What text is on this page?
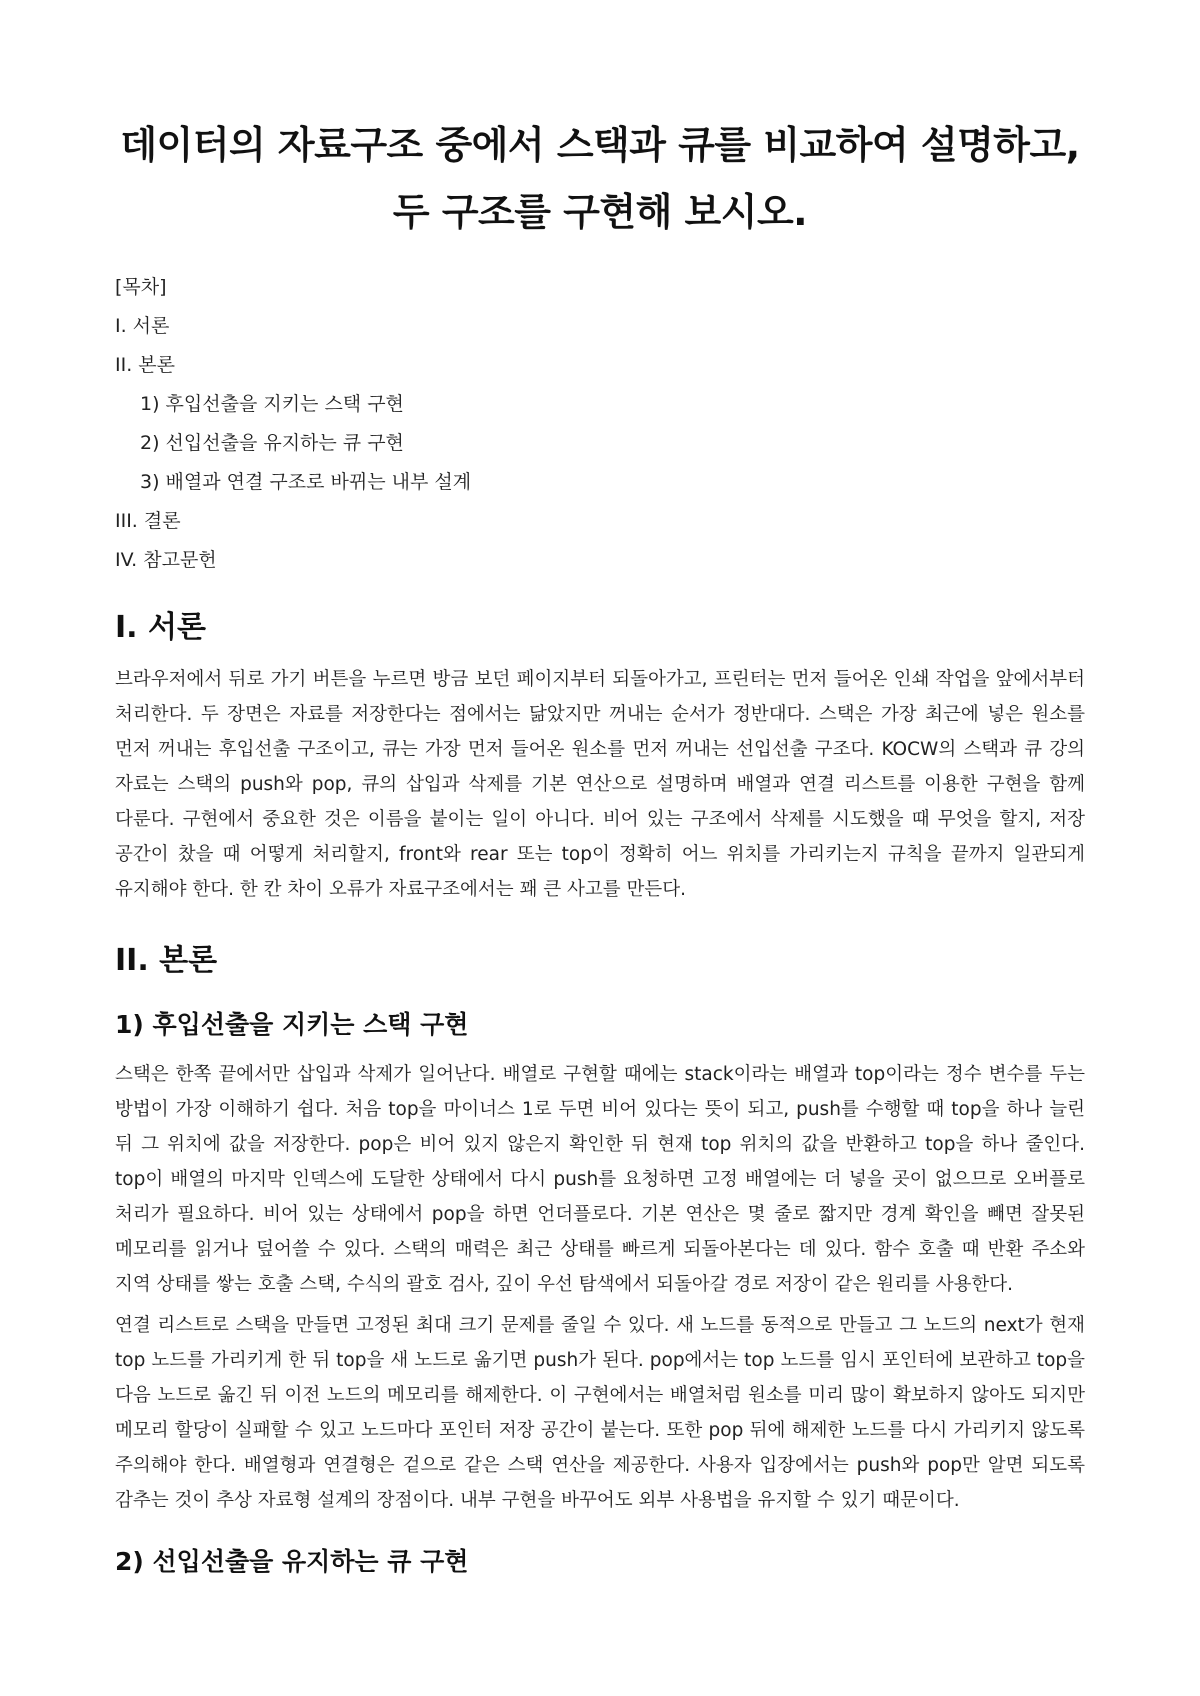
데이터의 자료구조 중에서 스택과 큐를 비교하여 설명하고, 두 구조를 구현해 보시오.
[목차]
I. 서론
II. 본론
1) 후입선출을 지키는 스택 구현
2) 선입선출을 유지하는 큐 구현
3) 배열과 연결 구조로 바뀌는 내부 설계
III. 결론
IV. 참고문헌
I. 서론

브라우저에서 뒤로 가기 버튼을 누르면 방금 보던 페이지부터 되돌아가고, 프린터는 먼저 들어온 인쇄 작업을 앞에서부터 처리한다. 두 장면은 자료를 저장한다는 점에서는 닮았지만 꺼내는 순서가 정반대다. 스택은 가장 최근에 넣은 원소를 먼저 꺼내는 후입선출 구조이고, 큐는 가장 먼저 들어온 원소를 먼저 꺼내는 선입선출 구조다. KOCW의 스택과 큐 강의 자료는 스택의 push와 pop, 큐의 삽입과 삭제를 기본 연산으로 설명하며 배열과 연결 리스트를 이용한 구현을 함께 다룬다. 구현에서 중요한 것은 이름을 붙이는 일이 아니다. 비어 있는 구조에서 삭제를 시도했을 때 무엇을 할지, 저장 공간이 찼을 때 어떻게 처리할지, front와 rear 또는 top이 정확히 어느 위치를 가리키는지 규칙을 끝까지 일관되게 유지해야 한다. 한 칸 차이 오류가 자료구조에서는 꽤 큰 사고를 만든다.

II. 본론
1) 후입선출을 지키는 스택 구현

스택은 한쪽 끝에서만 삽입과 삭제가 일어난다. 배열로 구현할 때에는 stack이라는 배열과 top이라는 정수 변수를 두는 방법이 가장 이해하기 쉽다. 처음 top을 마이너스 1로 두면 비어 있다는 뜻이 되고, push를 수행할 때 top을 하나 늘린 뒤 그 위치에 값을 저장한다. pop은 비어 있지 않은지 확인한 뒤 현재 top 위치의 값을 반환하고 top을 하나 줄인다. top이 배열의 마지막 인덱스에 도달한 상태에서 다시 push를 요청하면 고정 배열에는 더 넣을 곳이 없으므로 오버플로 처리가 필요하다. 비어 있는 상태에서 pop을 하면 언더플로다. 기본 연산은 몇 줄로 짧지만 경계 확인을 빼면 잘못된 메모리를 읽거나 덮어쓸 수 있다. 스택의 매력은 최근 상태를 빠르게 되돌아본다는 데 있다. 함수 호출 때 반환 주소와 지역 상태를 쌓는 호출 스택, 수식의 괄호 검사, 깊이 우선 탐색에서 되돌아갈 경로 저장이 같은 원리를 사용한다.

연결 리스트로 스택을 만들면 고정된 최대 크기 문제를 줄일 수 있다. 새 노드를 동적으로 만들고 그 노드의 next가 현재 top 노드를 가리키게 한 뒤 top을 새 노드로 옮기면 push가 된다. pop에서는 top 노드를 임시 포인터에 보관하고 top을 다음 노드로 옮긴 뒤 이전 노드의 메모리를 해제한다. 이 구현에서는 배열처럼 원소를 미리 많이 확보하지 않아도 되지만 메모리 할당이 실패할 수 있고 노드마다 포인터 저장 공간이 붙는다. 또한 pop 뒤에 해제한 노드를 다시 가리키지 않도록 주의해야 한다. 배열형과 연결형은 겉으로 같은 스택 연산을 제공한다. 사용자 입장에서는 push와 pop만 알면 되도록 감추는 것이 추상 자료형 설계의 장점이다. 내부 구현을 바꾸어도 외부 사용법을 유지할 수 있기 때문이다.

2) 선입선출을 유지하는 큐 구현
